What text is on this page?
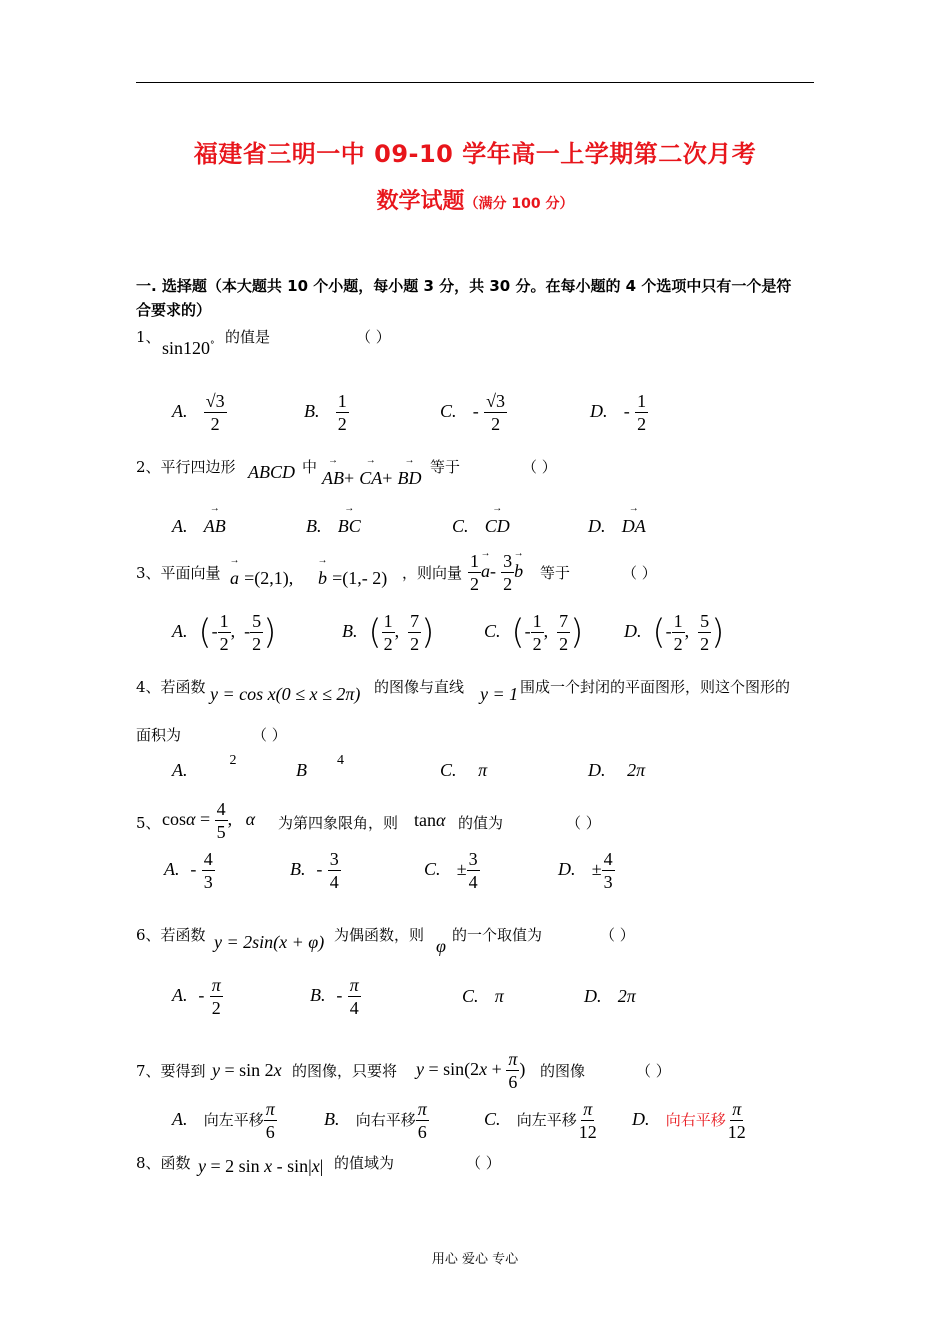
福建省三明一中 09-10 学年高一上学期第二次月考
数学试题（满分 100 分）
一. 选择题（本大题共 10 个小题，每小题 3 分，共 30 分。在每小题的 4 个选项中只有一个是符
合要求的）
1、
sin120° 的值是	（ ）
A. $\frac{√3}{2}$	B. $\frac{1}{2}$	C. - $\frac{√3}{2}$	D. - $\frac{1}{2}$
2、平行四边形 ABCD 中
→ AB+ → CA+ → BD
等于	（ ）
A.   → AB	B.   → BC	C.   → CD	D.   → DA
3、平面向量
→ a =(2,1),
→ b =(1,- 2) ，则向量 $\frac{1}{2}$
→ $a- \frac{3}{2}$
→ b 等于	（ ）
A. (- $\frac{1}{2}$ ,  - $\frac{5}{2}$ )	B. ( $\frac{1}{2}$ , $\frac{7}{2}$ )	C. (- $\frac{1}{2}$ , $\frac{7}{2}$ ) D. (- $\frac{1}{2}$ , $\frac{5}{2}$ )
4、若函数 y = cos x(0 ≤ x ≤ 2π) 的图像与直线 y = 1 围成一个封闭的平面图形，则这个图形的
面积为	（ ）
A.	$^2$	B $^4$	C. π	D. 2π
5、 $\cos\alpha = \frac{4}{5}$ ,   α 为第四象限角，则 tanα 的值为	（ ）
A. - $\frac{4}{3}$	B. - $\frac{3}{4}$	C. ± $\frac{3}{4}$	D. ± $\frac{4}{3}$
6、若函数 y = 2sin(x + φ) 为偶函数，则
φ
的一个取值为	（ ）
A. - $\frac{\pi}{2}$	B. - $\frac{\pi}{4}$	C. π	D. 2π
7、要得到 y = sin 2x 的图像，只要将 $y = \sin(2x + \frac{\pi}{6}$ ) 的图像	（ ）
A. 向左平移 $\frac{\pi}{6}$	B. 向右平移 $\frac{\pi}{6}$	C. 向左平移 $\frac{\pi}{12} D$. 向右平移 $\frac{\pi}{12}$
8、函数 y = 2 sin x - sin|x| 的值域为	（ ）
用心 爱心 专心
